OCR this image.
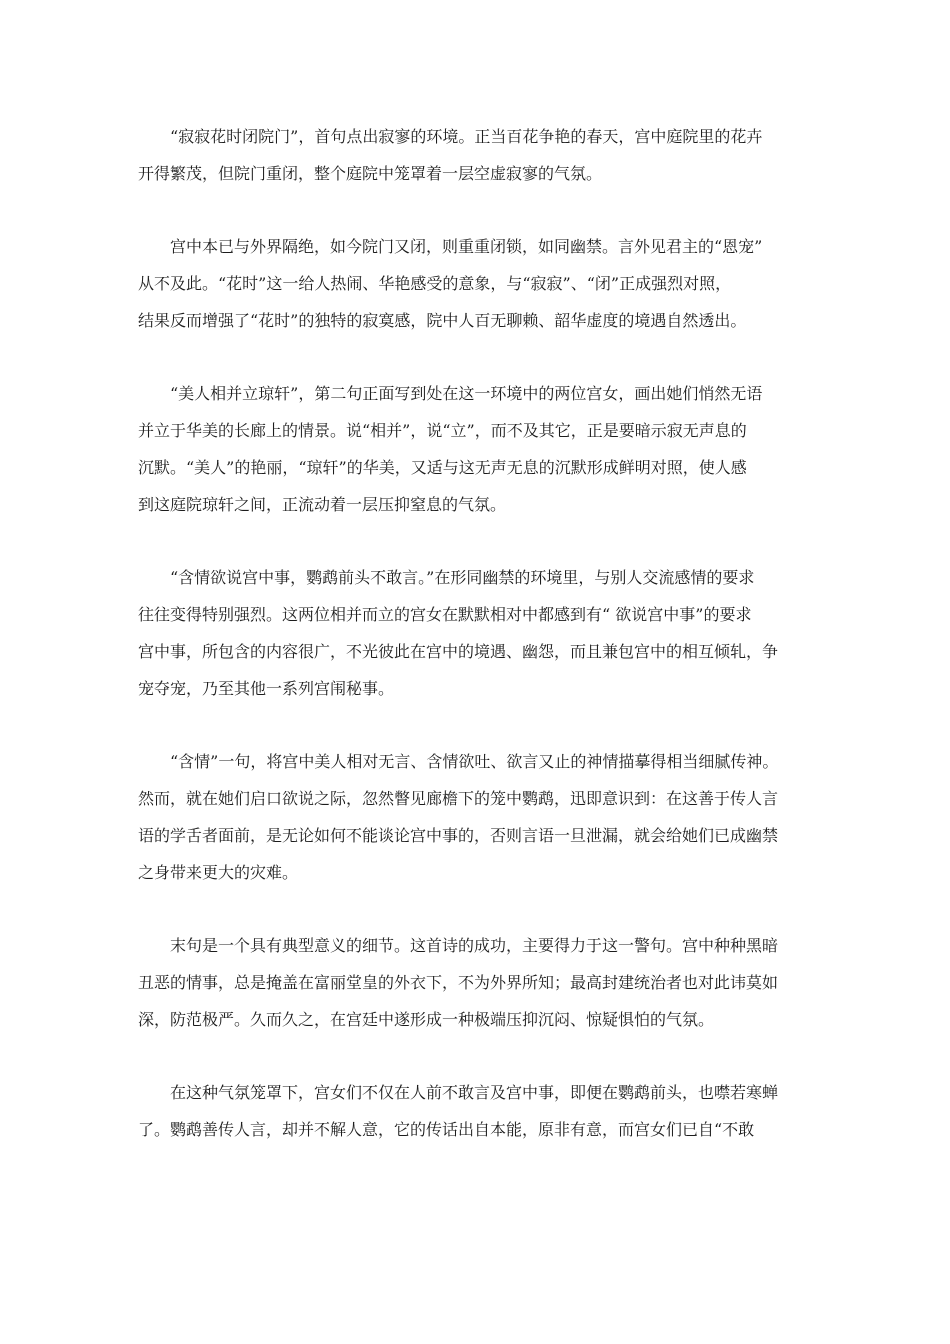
“寂寂花时闭院门”，首句点出寂寥的环境。正当百花争艳的春天，宫中庭院里的花卉
开得繁茂，但院门重闭，整个庭院中笼罩着一层空虚寂寥的气氛。

宫中本已与外界隔绝，如今院门又闭，则重重闭锁，如同幽禁。言外见君主的“恩宠”
从不及此。“花时”这一给人热闹、华艳感受的意象，与“寂寂”、“闭”正成强烈对照，
结果反而增强了“花时”的独特的寂寞感，院中人百无聊赖、韶华虚度的境遇自然透出。

“美人相并立琼轩”，第二句正面写到处在这一环境中的两位宫女，画出她们悄然无语
并立于华美的长廊上的情景。说“相并”，说“立”，而不及其它，正是要暗示寂无声息的
沉默。“美人”的艳丽，“琼轩”的华美，又适与这无声无息的沉默形成鲜明对照，使人感
到这庭院琼轩之间，正流动着一层压抑窒息的气氛。

“含情欲说宫中事，鹦鹉前头不敢言。”在形同幽禁的环境里，与别人交流感情的要求
往往变得特别强烈。这两位相并而立的宫女在默默相对中都感到有“ 欲说宫中事”的要求
宫中事，所包含的内容很广，不光彼此在宫中的境遇、幽怨，而且兼包宫中的相互倾轧，争
宠夺宠，乃至其他一系列宫闱秘事。

“含情”一句，将宫中美人相对无言、含情欲吐、欲言又止的神情描摹得相当细腻传神。
然而，就在她们启口欲说之际，忽然瞥见廊檐下的笼中鹦鹉，迅即意识到：在这善于传人言
语的学舌者面前，是无论如何不能谈论宫中事的，否则言语一旦泄漏，就会给她们已成幽禁
之身带来更大的灾难。

末句是一个具有典型意义的细节。这首诗的成功，主要得力于这一警句。宫中种种黑暗
丑恶的情事，总是掩盖在富丽堂皇的外衣下，不为外界所知；最高封建统治者也对此讳莫如
深，防范极严。久而久之，在宫廷中遂形成一种极端压抑沉闷、惊疑惧怕的气氛。

在这种气氛笼罩下，宫女们不仅在人前不敢言及宫中事，即便在鹦鹉前头，也噤若寒蝉
了。鹦鹉善传人言，却并不解人意，它的传话出自本能，原非有意，而宫女们已自“不敢
